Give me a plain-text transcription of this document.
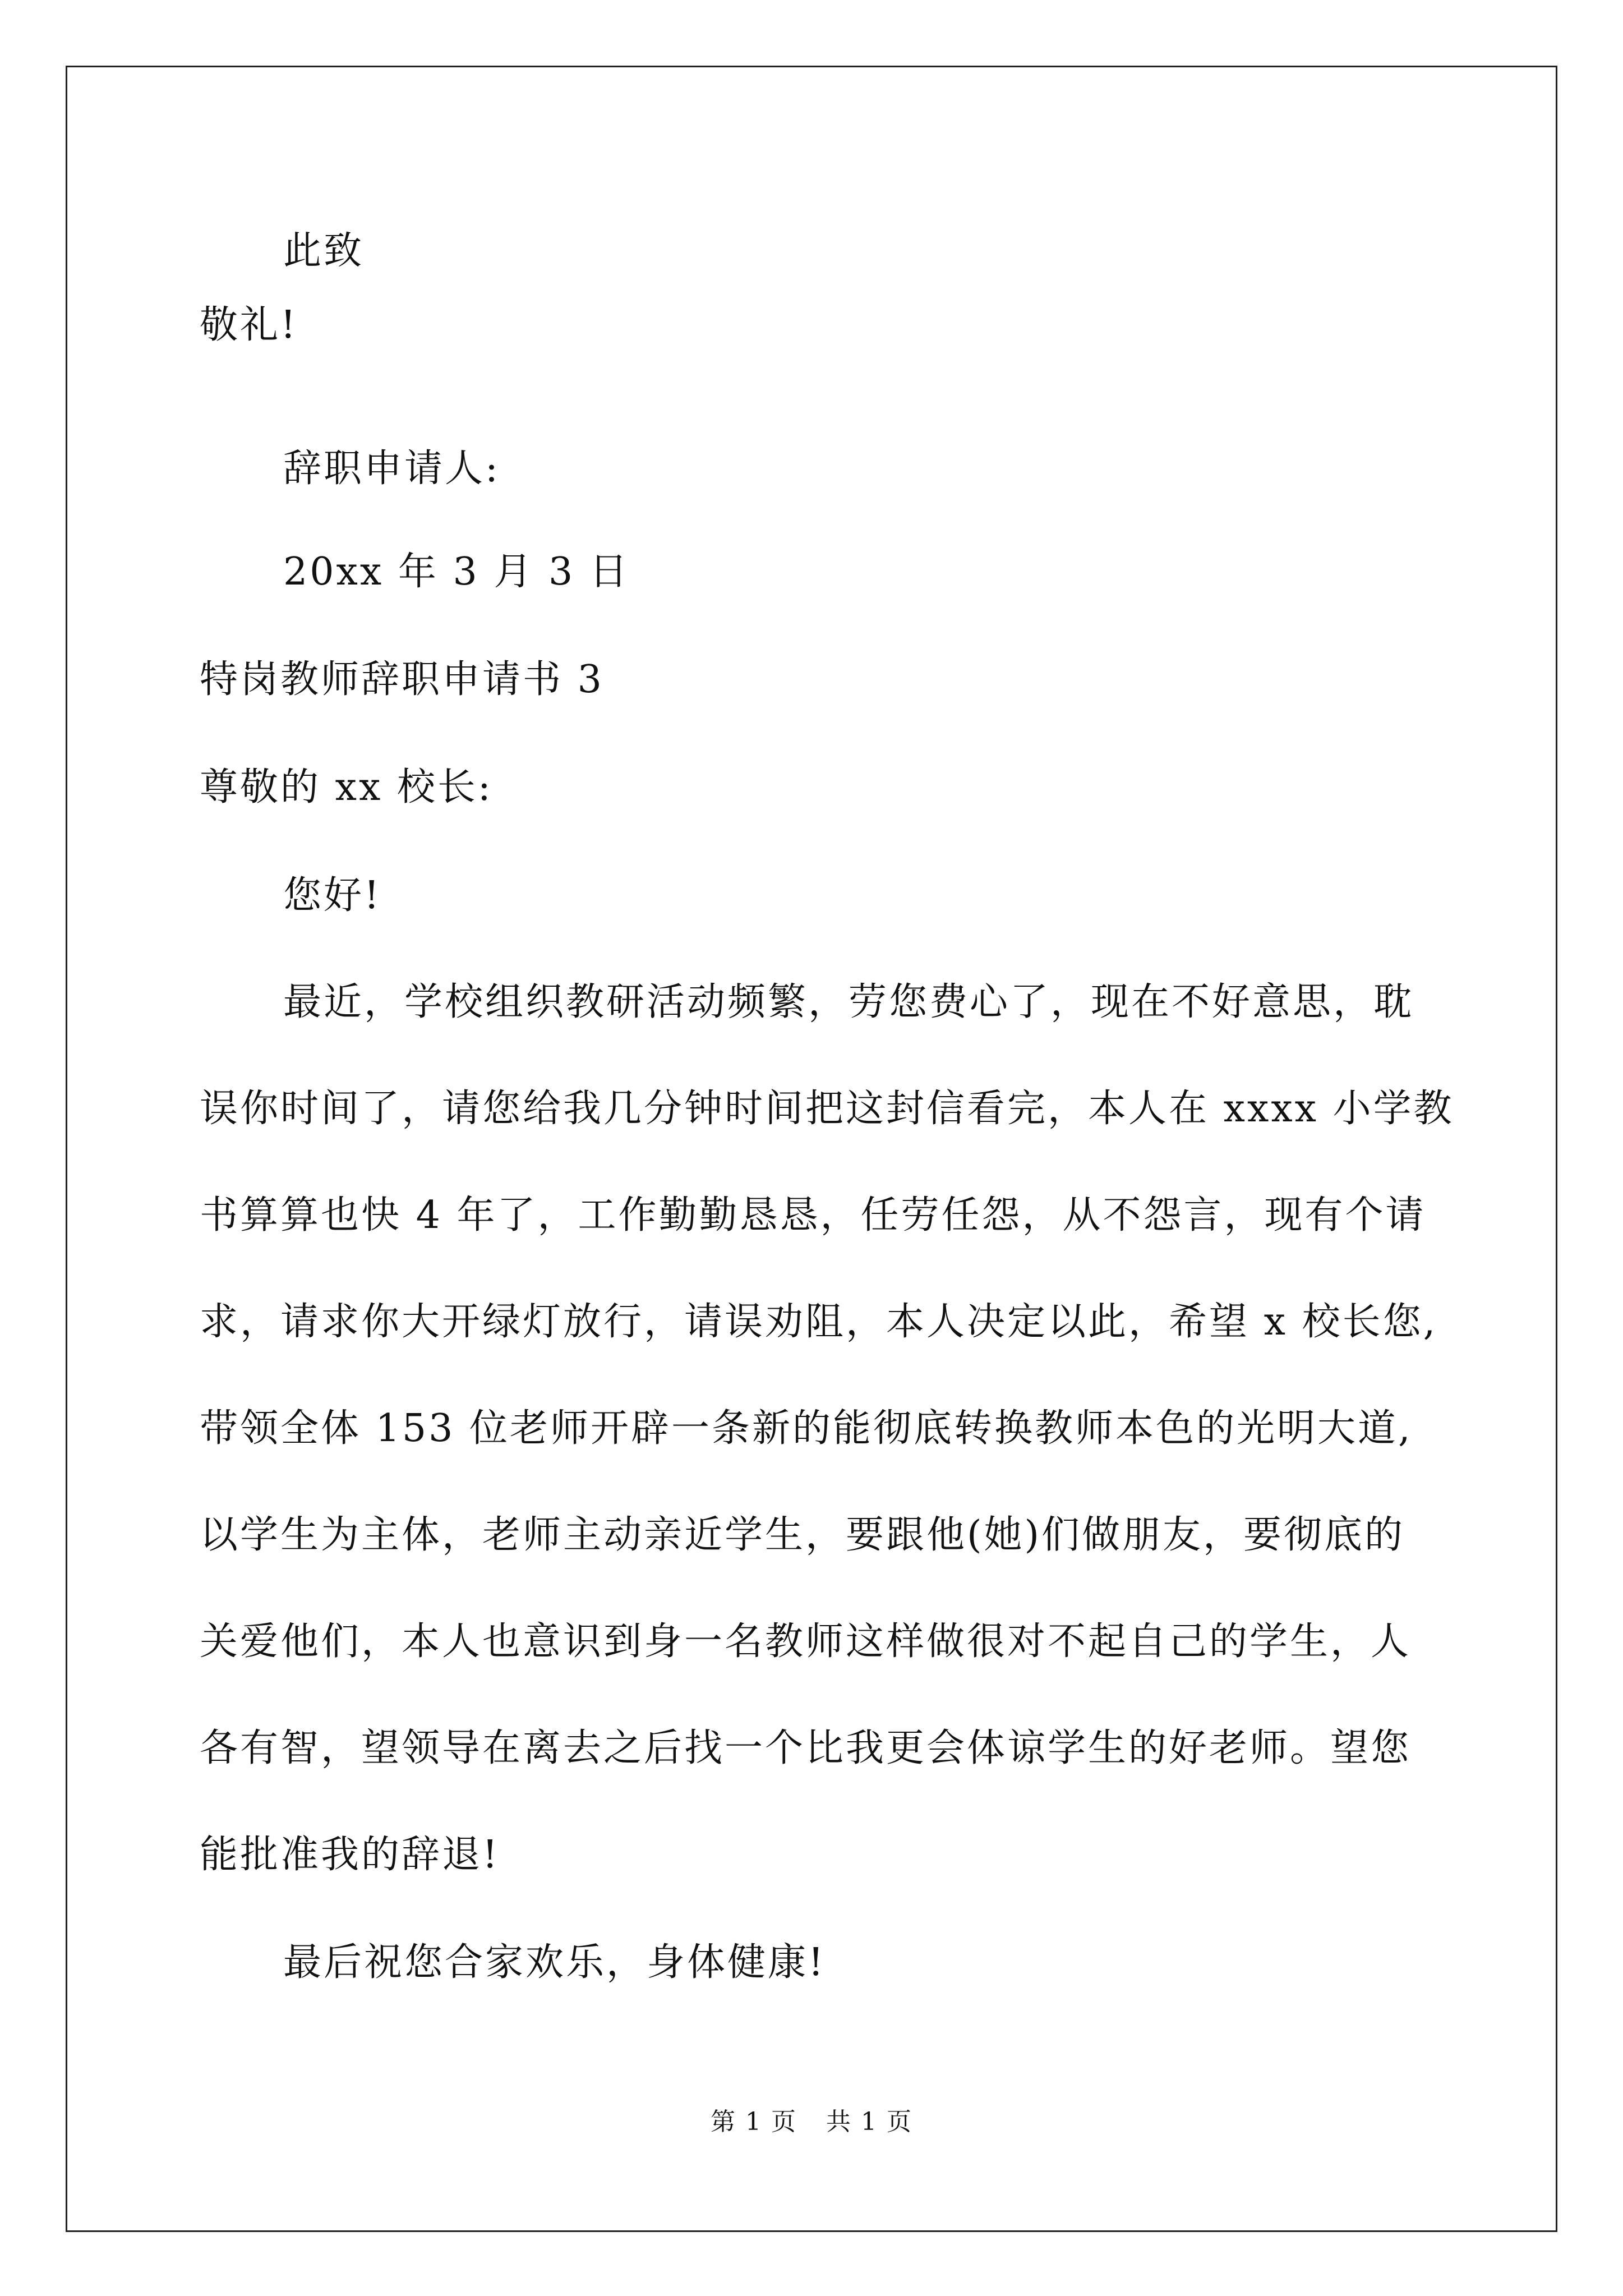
此致
敬礼!
辞职申请人:
20xx 年 3 月 3 日
特岗教师辞职申请书 3
尊敬的 xx 校长:
您好!
最近，学校组织教研活动频繁，劳您费心了，现在不好意思，耽
误你时间了，请您给我几分钟时间把这封信看完，本人在 xxxx 小学教
书算算也快 4 年了，工作勤勤恳恳，任劳任怨，从不怨言，现有个请
求，请求你大开绿灯放行，请误劝阻，本人决定以此，希望 x 校长您,
带领全体 153 位老师开辟一条新的能彻底转换教师本色的光明大道,
以学生为主体，老师主动亲近学生，要跟他(她)们做朋友，要彻底的
关爱他们，本人也意识到身一名教师这样做很对不起自己的学生，人
各有智，望领导在离去之后找一个比我更会体谅学生的好老师。望您
能批准我的辞退!
最后祝您合家欢乐，身体健康!
第 1 页 共 1 页
